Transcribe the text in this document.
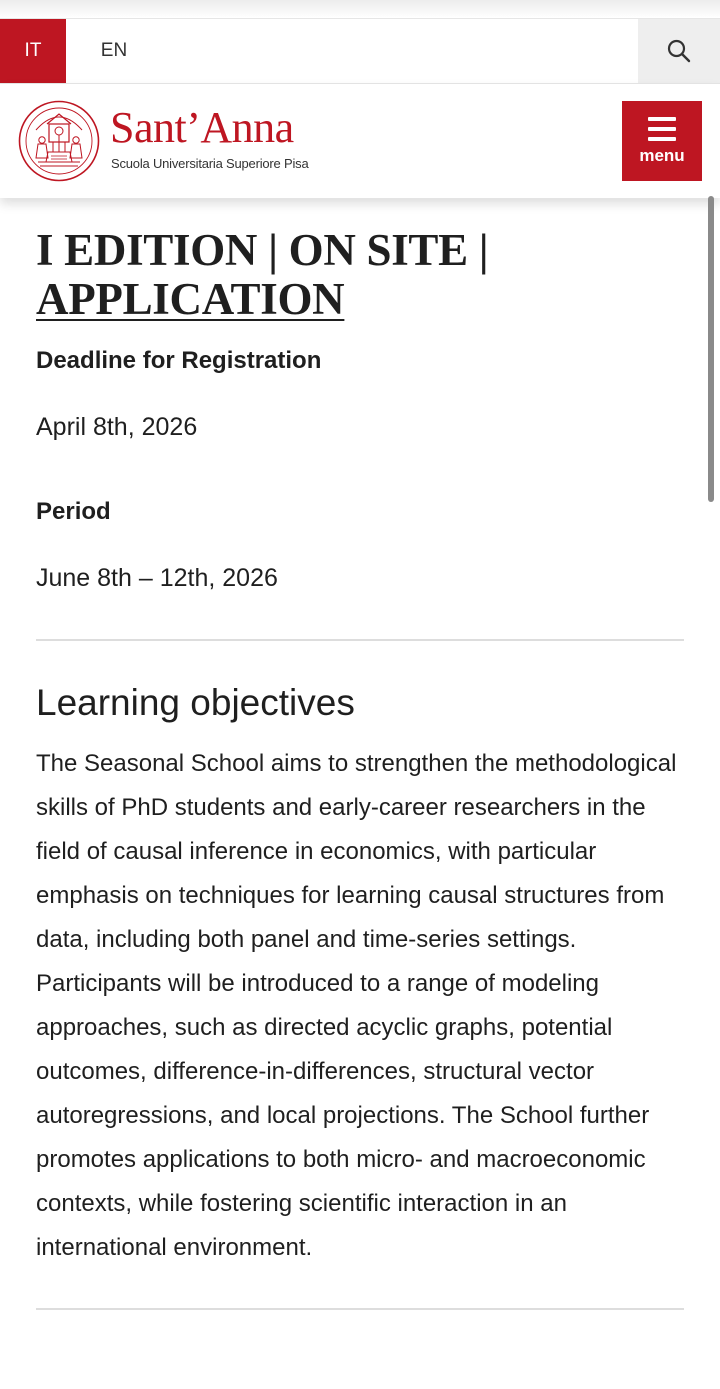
IT	EN
Sant’Anna
Scuola Universitaria Superiore Pisa	menu
I EDITION | ON SITE |
APPLICATION

Deadline for Registration

April 8th, 2026

Period

June 8th – 12th, 2026

Learning objectives

The Seasonal School aims to strengthen the methodological skills of PhD students and early-career researchers in the field of causal inference in economics, with particular emphasis on techniques for learning causal structures from data, including both panel and time-series settings. Participants will be introduced to a range of modeling approaches, such as directed acyclic graphs, potential outcomes, difference-in-differences, structural vector autoregressions, and local projections. The School further promotes applications to both micro- and macroeconomic contexts, while fostering scientific interaction in an international environment.
